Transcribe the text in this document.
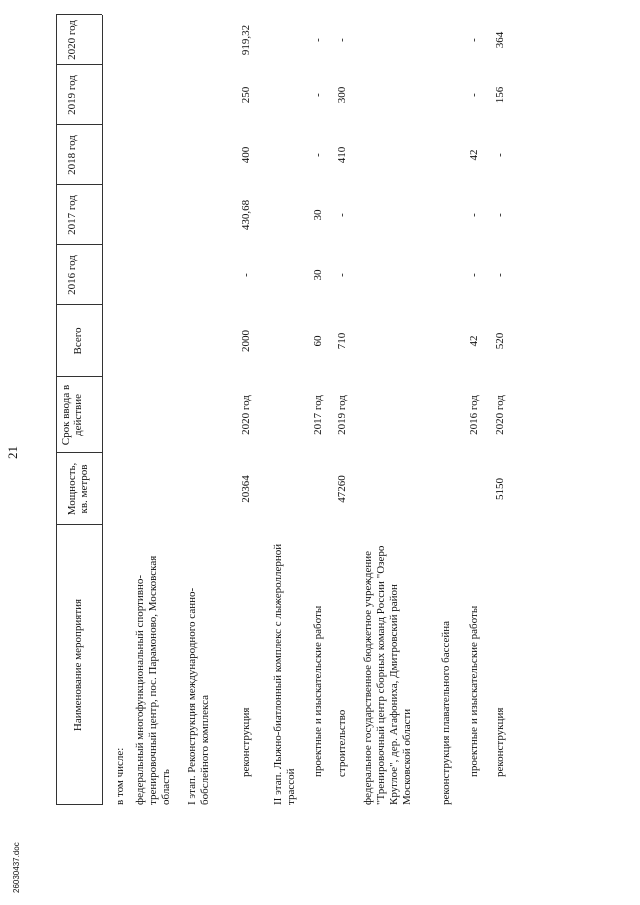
21
Наименование мероприятия
Мощность, кв. метров
Срок ввода в действие
Всего
2016 год
2017 год
2018 год
2019 год
2020 год
в том числе: федеральный многофункциональный спортивно-тренировочный центр, пос. Парамоново, Московская область I этап. Реконструкция международного санно-бобслейного комплекса	реконструкция
20364
2020 год
2000
-
430,68
400
250
919,32
II этап. Лыжно-биатлонный комплекс с лыжероллерной трассой
проектные и изыскательские работы
2017 год
60
30
30
-
-
-
строительство
47260
2019 год
710
-
-
410
300
-
федеральное государственное бюджетное учреждение "Тренировочный центр сборных команд России "Озеро Круглое", дер. Агафониха, Дмитровский район Московской области реконструкция плавательного бассейна проектные и изыскательские работы
2016 год
42
-
-
42
-
-
реконструкция
5150
2020 год
520
-
-
-
156
364
26030437.doc
